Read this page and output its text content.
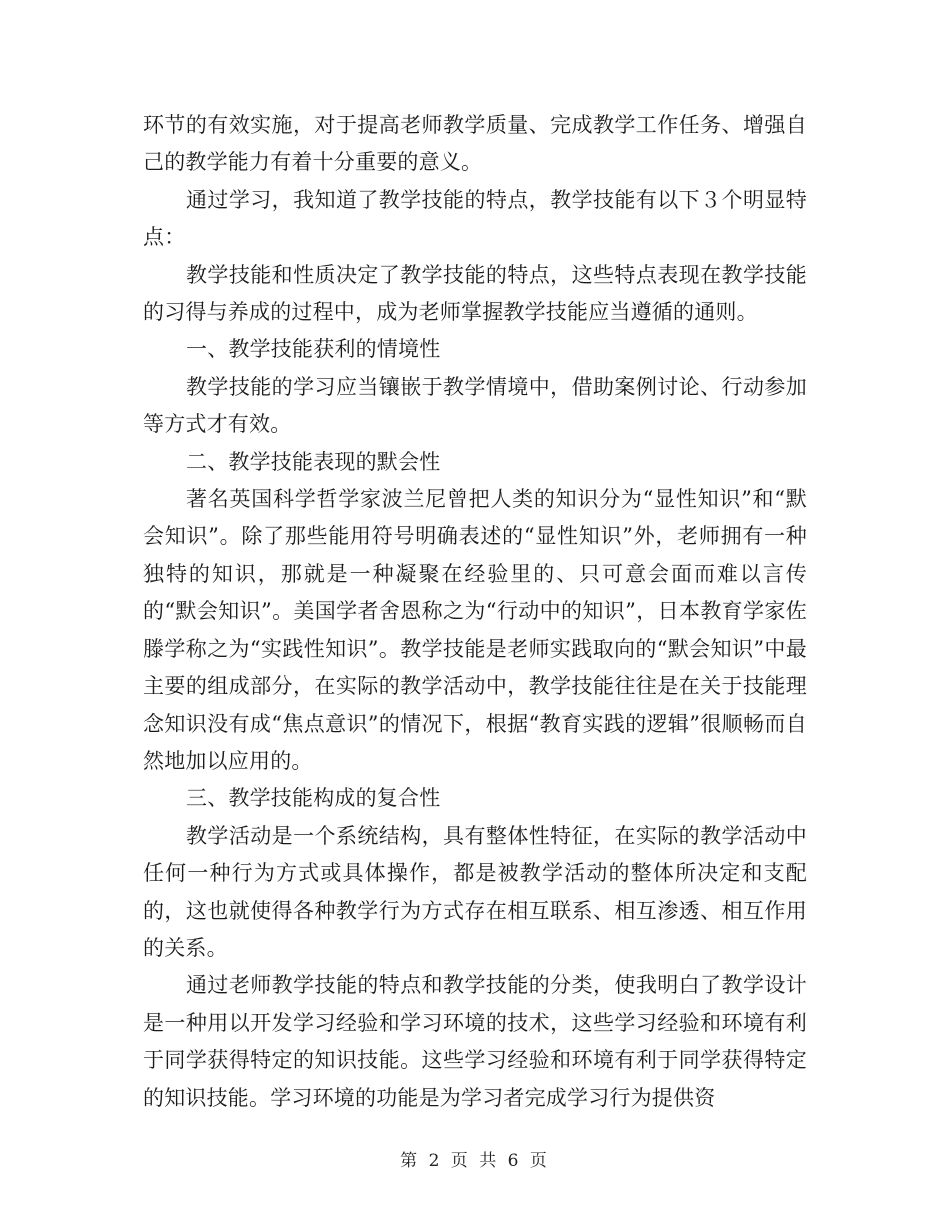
环节的有效实施，对于提高老师教学质量、完成教学工作任务、增强自己的教学能力有着十分重要的意义。

通过学习，我知道了教学技能的特点，教学技能有以下３个明显特点：

教学技能和性质决定了教学技能的特点，这些特点表现在教学技能的习得与养成的过程中，成为老师掌握教学技能应当遵循的通则。

一、教学技能获利的情境性

教学技能的学习应当镶嵌于教学情境中，借助案例讨论、行动参加等方式才有效。

二、教学技能表现的默会性

著名英国科学哲学家波兰尼曾把人类的知识分为“显性知识”和“默会知识”。除了那些能用符号明确表述的“显性知识”外，老师拥有一种独特的知识，那就是一种凝聚在经验里的、只可意会面而难以言传的“默会知识”。美国学者舍恩称之为“行动中的知识”，日本教育学家佐滕学称之为“实践性知识”。教学技能是老师实践取向的“默会知识”中最主要的组成部分，在实际的教学活动中，教学技能往往是在关于技能理念知识没有成“焦点意识”的情况下，根据“教育实践的逻辑”很顺畅而自然地加以应用的。

三、教学技能构成的复合性

教学活动是一个系统结构，具有整体性特征，在实际的教学活动中任何一种行为方式或具体操作，都是被教学活动的整体所决定和支配的，这也就使得各种教学行为方式存在相互联系、相互渗透、相互作用的关系。

通过老师教学技能的特点和教学技能的分类，使我明白了教学设计是一种用以开发学习经验和学习环境的技术，这些学习经验和环境有利于同学获得特定的知识技能。这些学习经验和环境有利于同学获得特定的知识技能。学习环境的功能是为学习者完成学习行为提供资

第 2 页 共 6 页
